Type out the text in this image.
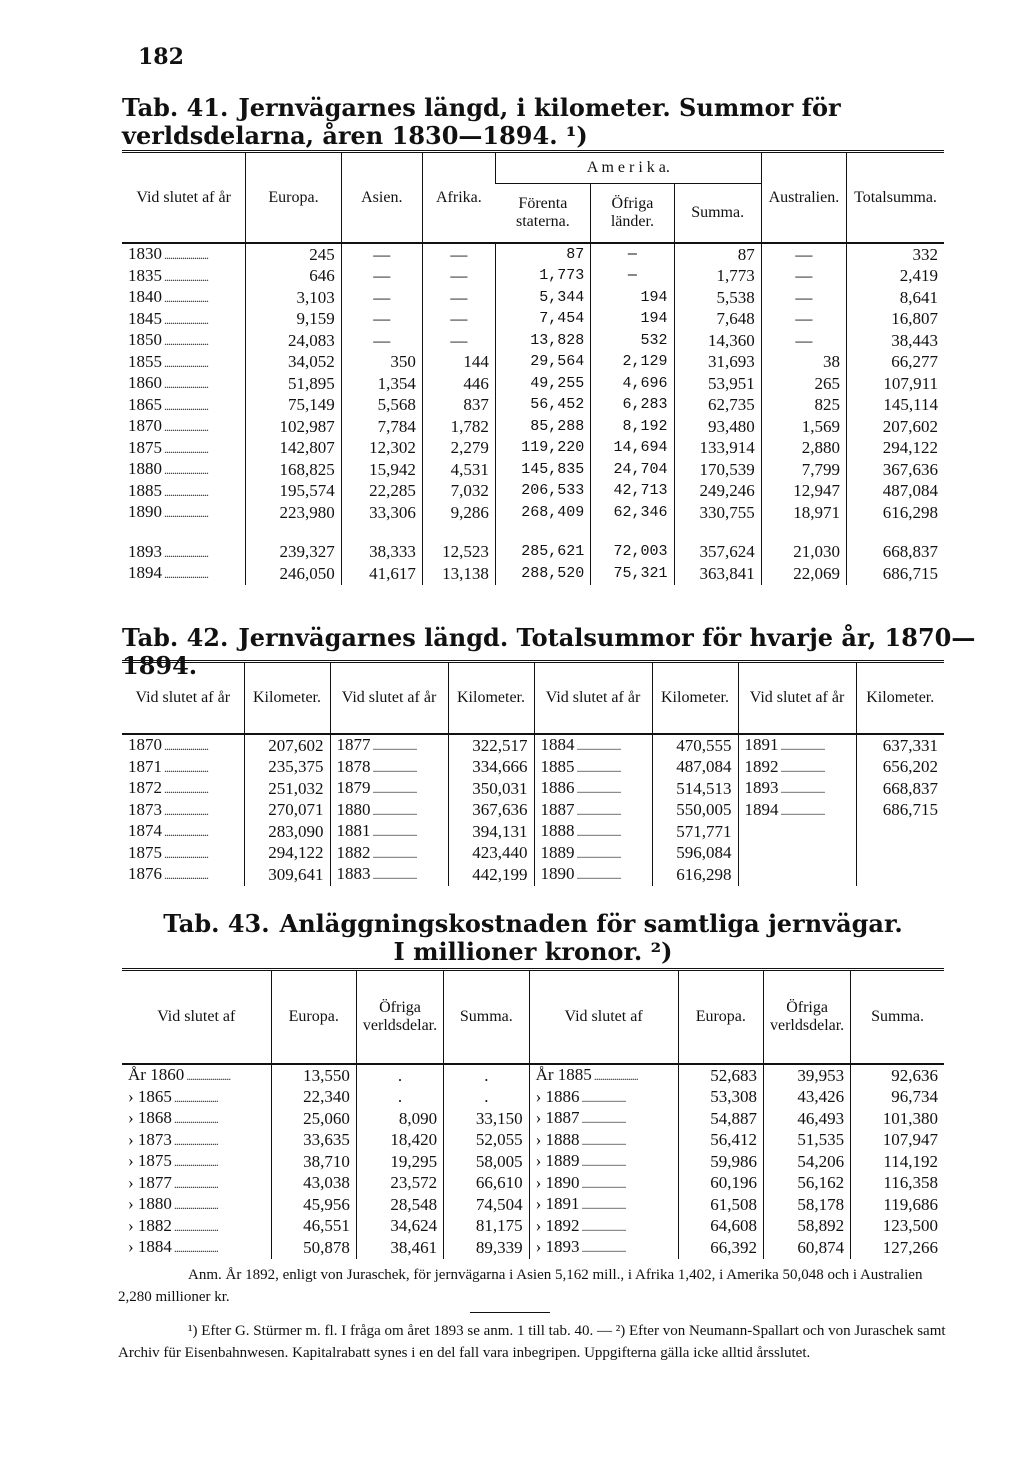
182
Tab. 41. Jernvägarnes längd, i kilometer. Summor för verldsdelarna, åren 1830—1894. ¹)
Vid slutet af år	Europa.	Asien.	Afrika.	A m e r i k a.			Australien.	Totalsumma.
				Förenta staterna.	Öfriga länder.	Summa.		
1830 .....	245	—	—	87	—	87	—	332
1835 .....	646	—	—	1,773	—	1,773	—	2,419
1840 .....	3,103	—	—	5,344	194	5,538	—	8,641
1845 .....	9,159	—	—	7,454	194	7,648	—	16,807
1850 .....	24,083	—	—	13,828	532	14,360	—	38,443
1855 .....	34,052	350	144	29,564	2,129	31,693	38	66,277
1860 .....	51,895	1,354	446	49,255	4,696	53,951	265	107,911
1865 .....	75,149	5,568	837	56,452	6,283	62,735	825	145,114
1870 .....	102,987	7,784	1,782	85,288	8,192	93,480	1,569	207,602
1875 .....	142,807	12,302	2,279	119,220	14,694	133,914	2,880	294,122
1880 .....	168,825	15,942	4,531	145,835	24,704	170,539	7,799	367,636
1885 .....	195,574	22,285	7,032	206,533	42,713	249,246	12,947	487,084
1890 .....	223,980	33,306	9,286	268,409	62,346	330,755	18,971	616,298

1893 .....	239,327	38,333	12,523	285,621	72,003	357,624	21,030	668,837
1894 .....	246,050	41,617	13,138	288,520	75,321	363,841	22,069	686,715
Tab. 42. Jernvägarnes längd. Totalsummor för hvarje år, 1870—1894.
Vid slutet af år	Kilometer.	Vid slutet af år	Kilometer.	Vid slutet af år	Kilometer.	Vid slutet af år	Kilometer.
1870 .....	207,602	1877 .....	322,517	1884 .....	470,555	1891 .....	637,331
1871 .....	235,375	1878 .....	334,666	1885 .....	487,084	1892 .....	656,202
1872 .....	251,032	1879 .....	350,031	1886 .....	514,513	1893 .....	668,837
1873 .....	270,071	1880 .....	367,636	1887 .....	550,005	1894 .....	686,715
1874 .....	283,090	1881 .....	394,131	1888 .....	571,771		
1875 .....	294,122	1882 .....	423,440	1889 .....	596,084		
1876 .....	309,641	1883 .....	442,199	1890 .....	616,298		
Tab. 43. Anläggningskostnaden för samtliga jernvägar.
I millioner kronor. ²)
Vid slutet af	Europa.	Öfriga verldsdelar.	Summa.	Vid slutet af	Europa.	Öfriga verldsdelar.	Summa.
År 1860 .....	13,550	.	.	År 1885 .....	52,683	39,953	92,636
› 1865 .....	22,340	.	.	› 1886 .....	53,308	43,426	96,734
› 1868 .....	25,060	8,090	33,150	› 1887 .....	54,887	46,493	101,380
› 1873 .....	33,635	18,420	52,055	› 1888 .....	56,412	51,535	107,947
› 1875 .....	38,710	19,295	58,005	› 1889 .....	59,986	54,206	114,192
› 1877 .....	43,038	23,572	66,610	› 1890 .....	60,196	56,162	116,358
› 1880 .....	45,956	28,548	74,504	› 1891 .....	61,508	58,178	119,686
› 1882 .....	46,551	34,624	81,175	› 1892 .....	64,608	58,892	123,500
› 1884 .....	50,878	38,461	89,339	› 1893 .....	66,392	60,874	127,266
Anm. År 1892, enligt von Juraschek, för jernvägarna i Asien 5,162 mill., i Afrika 1,402, i Amerika 50,048 och i Australien 2,280 millioner kr.
¹) Efter G. Stürmer m. fl. I fråga om året 1893 se anm. 1 till tab. 40. — ²) Efter von Neumann-Spallart och von Juraschek samt Archiv für Eisenbahnwesen. Kapitalrabatt synes i en del fall vara inbegripen. Uppgifterna gälla icke alltid årsslutet.
